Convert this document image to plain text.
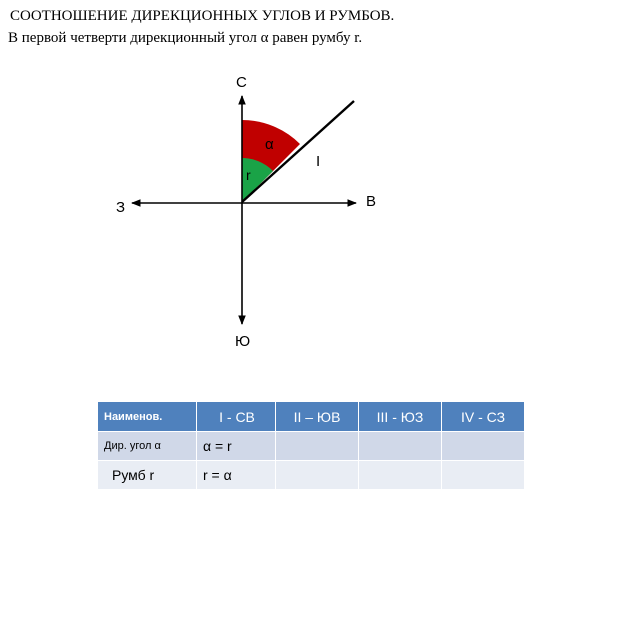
СООТНОШЕНИЕ ДИРЕКЦИОННЫХ УГЛОВ И РУМБОВ.
В первой четверти дирекционный угол α равен румбу r.
С
Ю
В
З
I
α
r
Наименов.	I - СВ	II – ЮВ	III - ЮЗ	IV - СЗ
Дир. угол α	α = r			
Румб r	r = α			
